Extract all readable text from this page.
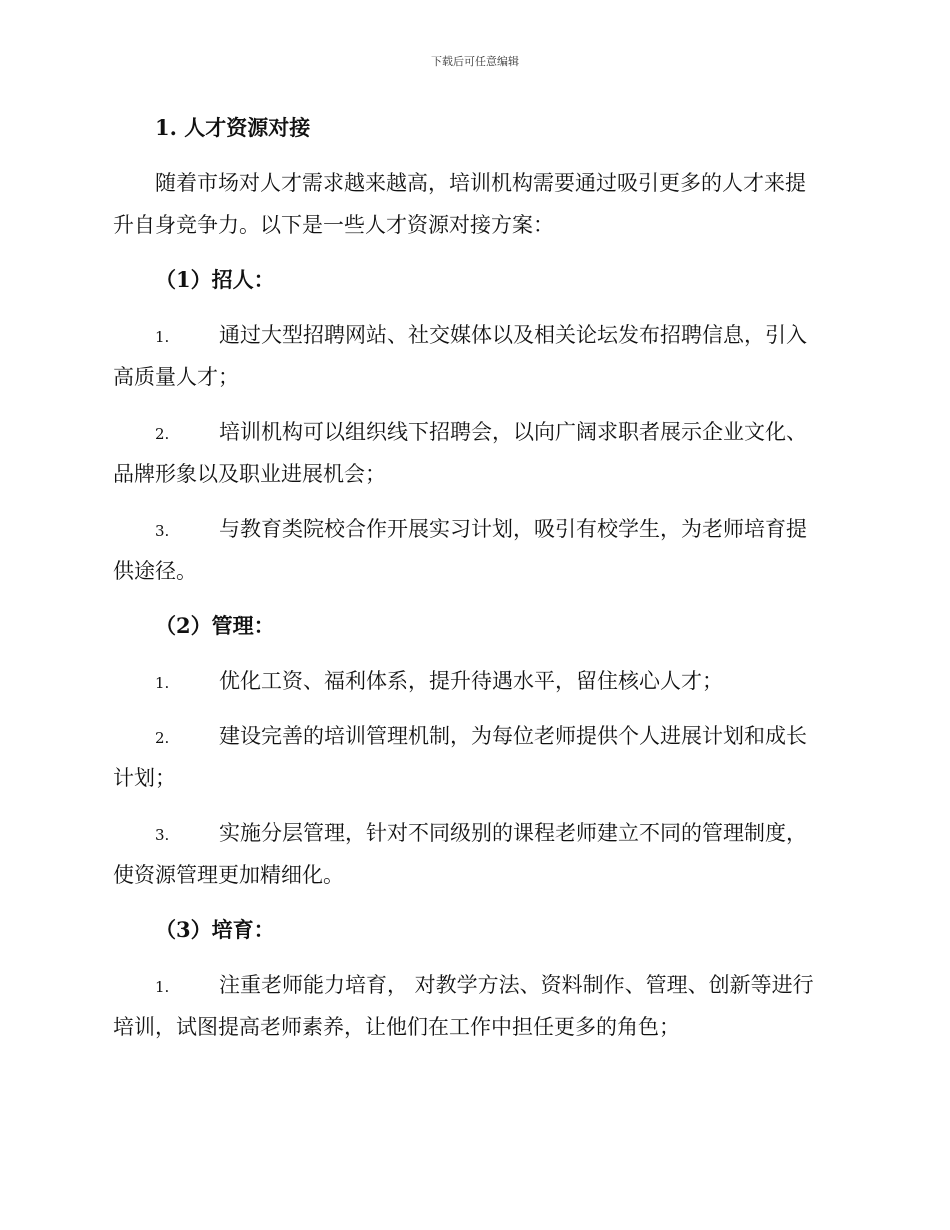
下载后可任意编辑
1. 人才资源对接
随着市场对人才需求越来越高，培训机构需要通过吸引更多的人才来提
升自身竞争力。以下是一些人才资源对接方案：
（1）招人：
1. 通过大型招聘网站、社交媒体以及相关论坛发布招聘信息，引入
高质量人才；
2. 培训机构可以组织线下招聘会，以向广阔求职者展示企业文化、
品牌形象以及职业进展机会；
3. 与教育类院校合作开展实习计划，吸引有校学生，为老师培育提
供途径。
（2）管理：
1. 优化工资、福利体系，提升待遇水平，留住核心人才；
2. 建设完善的培训管理机制，为每位老师提供个人进展计划和成长
计划；
3. 实施分层管理，针对不同级别的课程老师建立不同的管理制度，
使资源管理更加精细化。
（3）培育：
1. 注重老师能力培育， 对教学方法、资料制作、管理、创新等进行
培训，试图提高老师素养，让他们在工作中担任更多的角色；
